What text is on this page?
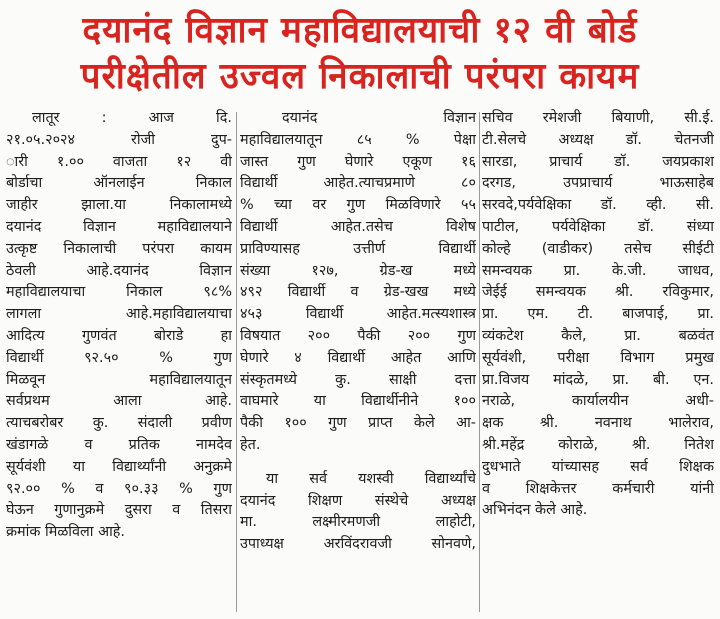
दयानंद विज्ञान महाविद्यालयाची १२ वी बोर्ड
परीक्षेतील उज्वल निकालाची परंपरा कायम
लातूर : आज दि.
२१.०५.२०२४ रोजी दुप-
ारी १.०० वाजता १२ वी
बोर्डाचा ऑनलाईन निकाल
जाहीर झाला.या निकालामध्ये
दयानंद विज्ञान महाविद्यालयाने
उत्कृष्ट निकालाची परंपरा कायम
ठेवली आहे.दयानंद विज्ञान
महाविद्यालयाचा निकाल ९८%
लागला आहे.महाविद्यालयाचा
आदित्य गुणवंत बोराडे हा
विद्यार्थी ९२.५० % गुण
मिळवून महाविद्यालयातून
सर्वप्रथम आला आहे.
त्याचबरोबर कु. संदाली प्रवीण
खंडागळे व प्रतिक नामदेव
सूर्यवंशी या विद्यार्थ्यांनी अनुक्रमे
९२.०० % व ९०.३३ % गुण
घेऊन गुणानुक्रमे दुसरा व तिसरा
क्रमांक मिळविला आहे.
दयानंद विज्ञान
महाविद्यालयातून ८५ % पेक्षा
जास्त गुण घेणारे एकूण १६
विद्यार्थी आहेत.त्याचप्रमाणे ८०
% च्या वर गुण मिळविणारे ५५
विद्यार्थी आहेत.तसेच विशेष
प्राविण्यासह उत्तीर्ण विद्यार्थी
संख्या १२७, ग्रेड-ख मध्ये
४९२ विद्यार्थी व ग्रेड-खख मध्ये
४५३ विद्यार्थी आहेत.मत्स्यशास्त्र
विषयात २०० पैकी २०० गुण
घेणारे ४ विद्यार्थी आहेत आणि
संस्कृतमध्ये कु. साक्षी दत्ता
वाघमारे या विद्यार्थीनीने १००
पैकी १०० गुण प्राप्त केले आ-
हेत.
या सर्व यशस्वी विद्यार्थ्यांचे
दयानंद शिक्षण संस्थेचे अध्यक्ष
मा. लक्ष्मीरमणजी लाहोटी,
उपाध्यक्ष अरविंदरावजी सोनवणे,
सचिव रमेशजी बियाणी, सी.ई.
टी.सेलचे अध्यक्ष डॉ. चेतनजी
सारडा, प्राचार्य डॉ. जयप्रकाश
दरगड, उपप्राचार्य भाऊसाहेब
सरवदे,पर्यवेक्षिका डॉ. व्ही. सी.
पाटील, पर्यवेक्षिका डॉ. संध्या
कोल्हे (वाडीकर) तसेच सीईटी
समन्वयक प्रा. के.जी. जाधव,
जेईई समन्वयक श्री. रविकुमार,
प्रा. एम. टी. बाजपाई, प्रा.
व्यंकटेश कैले, प्रा. बळवंत
सूर्यवंशी, परीक्षा विभाग प्रमुख
प्रा.विजय मांदळे, प्रा. बी. एन.
नराळे, कार्यालयीन अधी-
क्षक श्री. नवनाथ भालेराव,
श्री.महेंद्र कोराळे, श्री. नितेश
दुधभाते यांच्यासह सर्व शिक्षक
व शिक्षकेत्तर कर्मचारी यांनी
अभिनंदन केले आहे.
